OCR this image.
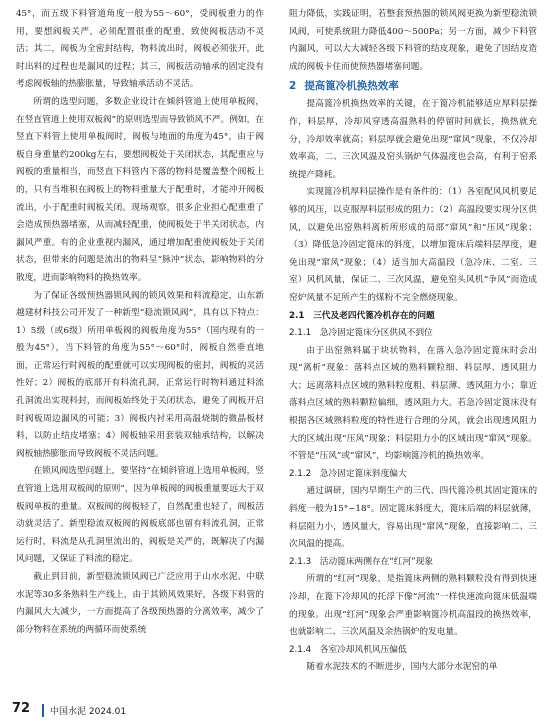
45°，而五级下料管道角度一般为55～60°，受阀板重力的作用，要想阀板关严，必须配置很重的配重，致使阀板活动不灵活；其二，阀板为全密封结构，物料流出时，阀板必须张开，此时出料的过程也是漏风的过程；其三，阀板活动轴承的固定没有考虑阀板轴的热膨胀量，导致轴承活动不灵活。

所谓的选型问题，多数企业设计在倾斜管道上使用单板阀，在竖直管道上使用双板阀”的原则选型而导致锁风不严。例如，在竖直下料管上使用单板阀时，阀板与地面的角度为45°，由于阀板自身重量约200kg左右，要想阀板处于关闭状态，其配重应与阀板的重量相当，而竖直下料管内下落的物料是覆盖整个阀板上的，只有当堆积在阀板上的物料重量大于配重时，才能冲开阀板流出，小于配重时阀板关闭。现场观察，很多企业担心配重重了会造成预热器堵塞，从而减轻配重，使阀板处于半关闭状态，内漏风严重。有的企业重视内漏风，通过增加配重使阀板处于关闭状态，但带来的问题是流出的物料呈“脉冲”状态，影响物料的分散度，进而影响物料的换热效率。

为了保证各级预热器锁风阀的锁风效果和料流稳定，山东新越建材科技公司开发了一种新型“稳流锁风阀”，具有以下特点：1）5级（或6级）所用单板阀的阀板角度为55°（国内现有的一般为45°），当下料管的角度为55°～60°时，阀板自然垂直地面，正常运行时阀板的配重就可以实现阀板的密封，阀板的灵活性好；2）阀板的底部开有料流孔洞，正常运行时物料通过料流孔洞流出实现料封，而阀板始终处于关闭状态，避免了阀板开启时阀板周边漏风的可能；3）阀板内衬采用高温烧制的微晶板材料，以防止结皮堵塞；4）阀板轴采用套装双轴承结构，以解决阀板轴热膨胀而导致阀板不灵活问题。

在锁风阀选型问题上，要坚持“在倾斜管道上选用单板阀，竖直管道上选用双板阀的原则”，因为单板阀的阀板重量要远大于双板阀单板的重量。双板阀的阀板轻了，自然配重也轻了，阀板活动就灵活了。新型稳流双板阀的阀板底部也留有料流孔洞，正常运行时，料流是从孔洞里流出的，阀板是关严的，既解决了内漏风问题，又保证了料流的稳定。

截止到目前，新型稳流锁风阀已广泛应用于山水水泥、中联水泥等30多条熟料生产线上，由于其锁风效果好，各级下料管的内漏风大大减少，一方面提高了各级预热器的分离效率，减少了部分物料在系统的两循环而使系统

阻力降低，实践证明，若整套预热器的锁风阀更换为新型稳流锁风阀，可使系统阻力降低400～500Pa；另一方面，减少下料管内漏风，可以大大减轻各级下料管的结皮现象，避免了因结皮造成的阀板卡住而使预热器堵塞问题。

2 提高篦冷机换热效率

提高篦冷机换热效率的关键，在于篦冷机能够适应厚料层操作，料层厚，冷却风穿透高温熟料的停留时间就长，换热就充分，冷却效率就高；料层厚就会避免出现“窜风”现象，不仅冷却效率高，二、三次风温及窑头锅炉气体温度也会高，有利于窑系统提产降耗。

实现篦冷机厚料层操作是有条件的：（1）各室配风风机要足够的风压，以克服厚料层形成的阻力；（2）高温段要实现分区供风，以避免出窑熟料离析所形成的局部“窜风”和“压风”现象；（3）降低急冷固定篦床的斜度，以增加篦床后端料层厚度，避免出现“窜风”现象；（4）适当加大高温段（急冷床、二室、三室）风机风量，保证二、三次风温，避免窑头风机“争风”而造成窑炉风量不足所产生的煤粉不完全燃烧现象。

2.1　三代及老四代篦冷机存在的问题
2.1.1　急冷固定篦床分区供风不到位

由于出窑熟料属于块状物料，在落入急冷固定篦床时会出现“离析”现象：落料点区域的熟料颗粒细、料层厚、透风阻力大；远离落料点区域的熟料粒度粗、料层薄、透风阻力小；靠近落料点区域的熟料颗粒偏细，透风阻力大。若急冷固定篦床没有根据各区域熟料粒度的特性进行合理的分风，就会出现透风阻力大的区域出现“压风”现象；料层阻力小的区域出现“窜风”现象。不管是“压风”或“窜风”，均影响篦冷机的换热效率。

2.1.2　急冷固定篦床斜度偏大

通过调研，国内早期生产的三代、四代篦冷机其固定篦床的斜度一般为15°~18°。固定篦床斜度大，篦床后端的料层就薄，料层阻力小，透风量大，容易出现“窜风”现象，直接影响二、三次风温的提高。

2.1.3　活动篦床两侧存在“红河”现象

所谓的“红河”现象，是指篦床两侧的熟料颗粒没有得到快速冷却，在篦下冷却风的托浮下像“河流”一样快速流向篦床低温端的现象。出现“红河”现象会严重影响篦冷机高温段的换热效率，也就影响二、三次风温及余热锅炉的发电量。

2.1.4　各室冷却风机风压偏低

随着水泥技术的不断进步，国内大部分水泥窑的单

72 中国水泥 2024.01
